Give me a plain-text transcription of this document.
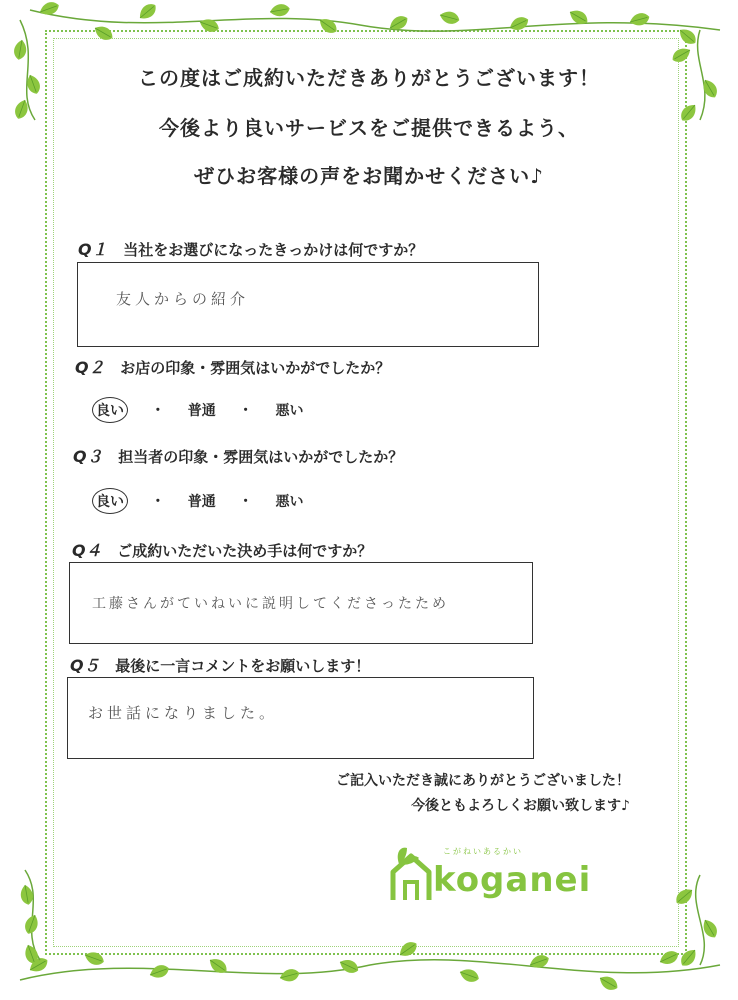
この度はご成約いただきありがとうございます！
今後より良いサービスをご提供できるよう、
ぜひお客様の声をお聞かせください♪
Q１ 当社をお選びになったきっかけは何ですか？
友人からの紹介
Q２ お店の印象・雰囲気はいかがでしたか？
良い ・ 普通 ・ 悪い
Q３ 担当者の印象・雰囲気はいかがでしたか？
良い ・ 普通 ・ 悪い
Q４ ご成約いただいた決め手は何ですか？
工藤さんがていねいに説明してくださったため
Q５ 最後に一言コメントをお願いします！
お世話になりました。
ご記入いただき誠にありがとうございました！
今後ともよろしくお願い致します♪
こがねいあるかい
koganei
